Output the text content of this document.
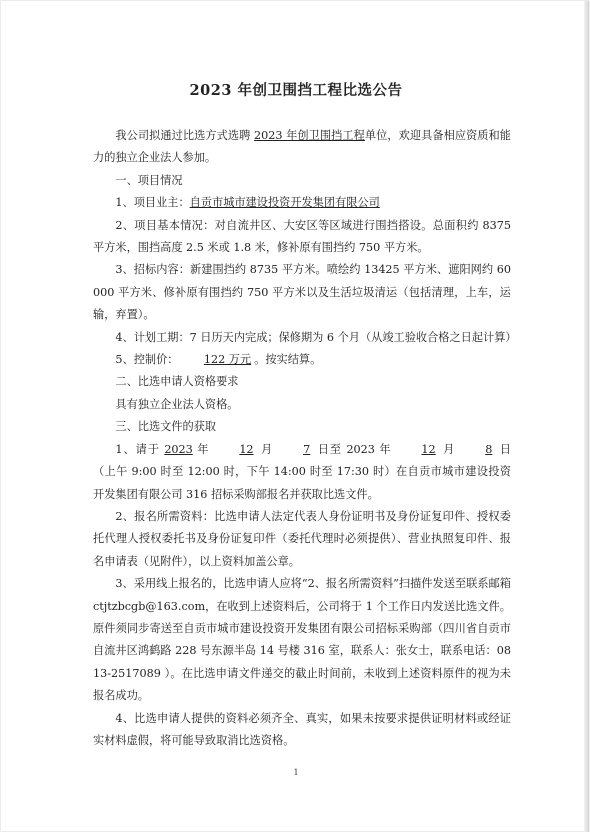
2023 年创卫围挡工程比选公告

我公司拟通过比选方式选聘 2023 年创卫围挡工程单位，欢迎具备相应资质和能力的独立企业法人参加。

一、项目情况

1、项目业主：自贡市城市建设投资开发集团有限公司

2、项目基本情况：对自流井区、大安区等区域进行围挡搭设。总面积约 8375 平方米，围挡高度 2.5 米或 1.8 米，修补原有围挡约 750 平方米。

3、招标内容：新建围挡约 8735 平方米。喷绘约 13425 平方米、遮阳网约 60000 平方米、修补原有围挡约 750 平方米以及生活垃圾清运（包括清理，上车，运输，弃置）。

4、计划工期：7 日历天内完成；保修期为 6 个月（从竣工验收合格之日起计算）

5、控制价： 122 万元 。按实结算。

二、比选申请人资格要求

具有独立企业法人资格。

三、比选文件的获取

1、请于 2023 年 12 月 7 日至 2023 年 12 月 8 日（上午 9:00 时至 12:00 时，下午 14:00 时至 17:30 时）在自贡市城市建设投资开发集团有限公司 316 招标采购部报名并获取比选文件。

2、报名所需资料：比选申请人法定代表人身份证明书及身份证复印件、授权委托代理人授权委托书及身份证复印件（委托代理时必须提供）、营业执照复印件、报名申请表（见附件），以上资料加盖公章。

3、采用线上报名的，比选申请人应将“2、报名所需资料”扫描件发送至联系邮箱 ctjtzbcgb@163.com，在收到上述资料后，公司将于 1 个工作日内发送比选文件。原件须同步寄送至自贡市城市建设投资开发集团有限公司招标采购部（四川省自贡市自流井区鸿鹤路 228 号东源半岛 14 号楼 316 室，联系人：张女士，联系电话：0813-2517089 ）。在比选申请文件递交的截止时间前，未收到上述资料原件的视为未报名成功。

4、比选申请人提供的资料必须齐全、真实，如果未按要求提供证明材料或经证实材料虚假，将可能导致取消比选资格。

1
